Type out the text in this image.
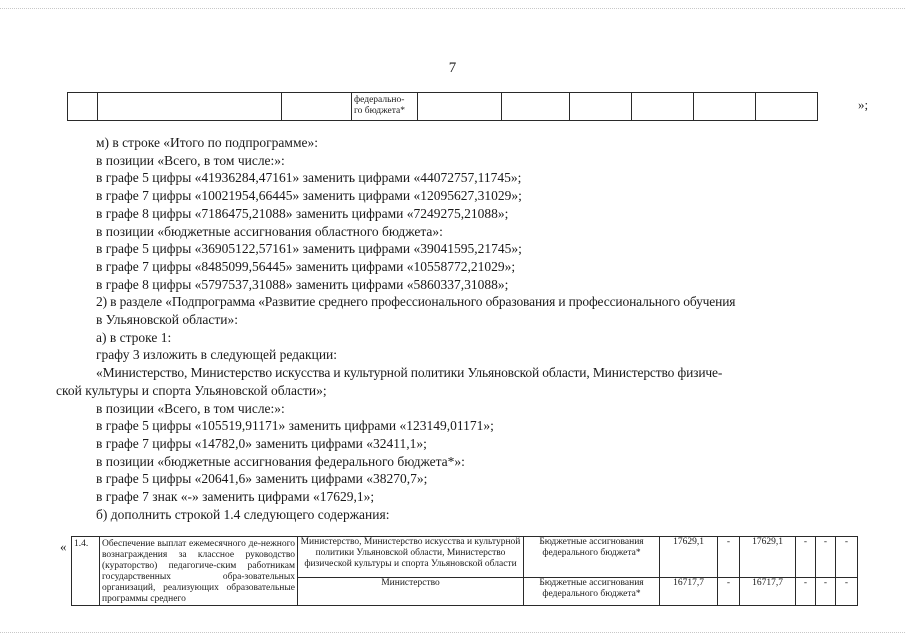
7
			федерально-
го бюджета*							»;
м) в строке «Итого по подпрограмме»:
в позиции «Всего, в том числе:»:
в графе 5 цифры «41936284,47161» заменить цифрами «44072757,11745»;
в графе 7 цифры «10021954,66445» заменить цифрами «12095627,31029»;
в графе 8 цифры «7186475,21088» заменить цифрами «7249275,21088»;
в позиции «бюджетные ассигнования областного бюджета»:
в графе 5 цифры «36905122,57161» заменить цифрами «39041595,21745»;
в графе 7 цифры «8485099,56445» заменить цифрами «10558772,21029»;
в графе 8 цифры «5797537,31088» заменить цифрами «5860337,31088»;
2) в разделе «Подпрограмма «Развитие среднего профессионального образования и профессионального обучения
в Ульяновской области»:
а) в строке 1:
графу 3 изложить в следующей редакции:
«Министерство, Министерство искусства и культурной политики Ульяновской области, Министерство физиче-
ской культуры и спорта Ульяновской области»;
в позиции «Всего, в том числе:»:
в графе 5 цифры «105519,91171» заменить цифрами «123149,01171»;
в графе 7 цифры «14782,0» заменить цифрами «32411,1»;
в позиции «бюджетные ассигнования федерального бюджета*»:
в графе 5 цифры «20641,6» заменить цифрами «38270,7»;
в графе 7 знак «-» заменить цифрами «17629,1»;
б) дополнить строкой 1.4 следующего содержания:
« 1.4.	Обеспечение выплат ежемесячного де-нежного вознаграждения за классное руководство (кураторство) педагогиче-ским работникам государственных обра-зовательных организаций, реализующих образовательные программы среднего	Министерство, Министерство искусства и культурной политики Ульяновской области, Министерство физической культуры и спорта Ульяновской области	Бюджетные ассигнования федерального бюджета*	17629,1	-	17629,1	-	-	-
		Министерство	Бюджетные ассигнования федерального бюджета*	16717,7	-	16717,7	-	-	-
